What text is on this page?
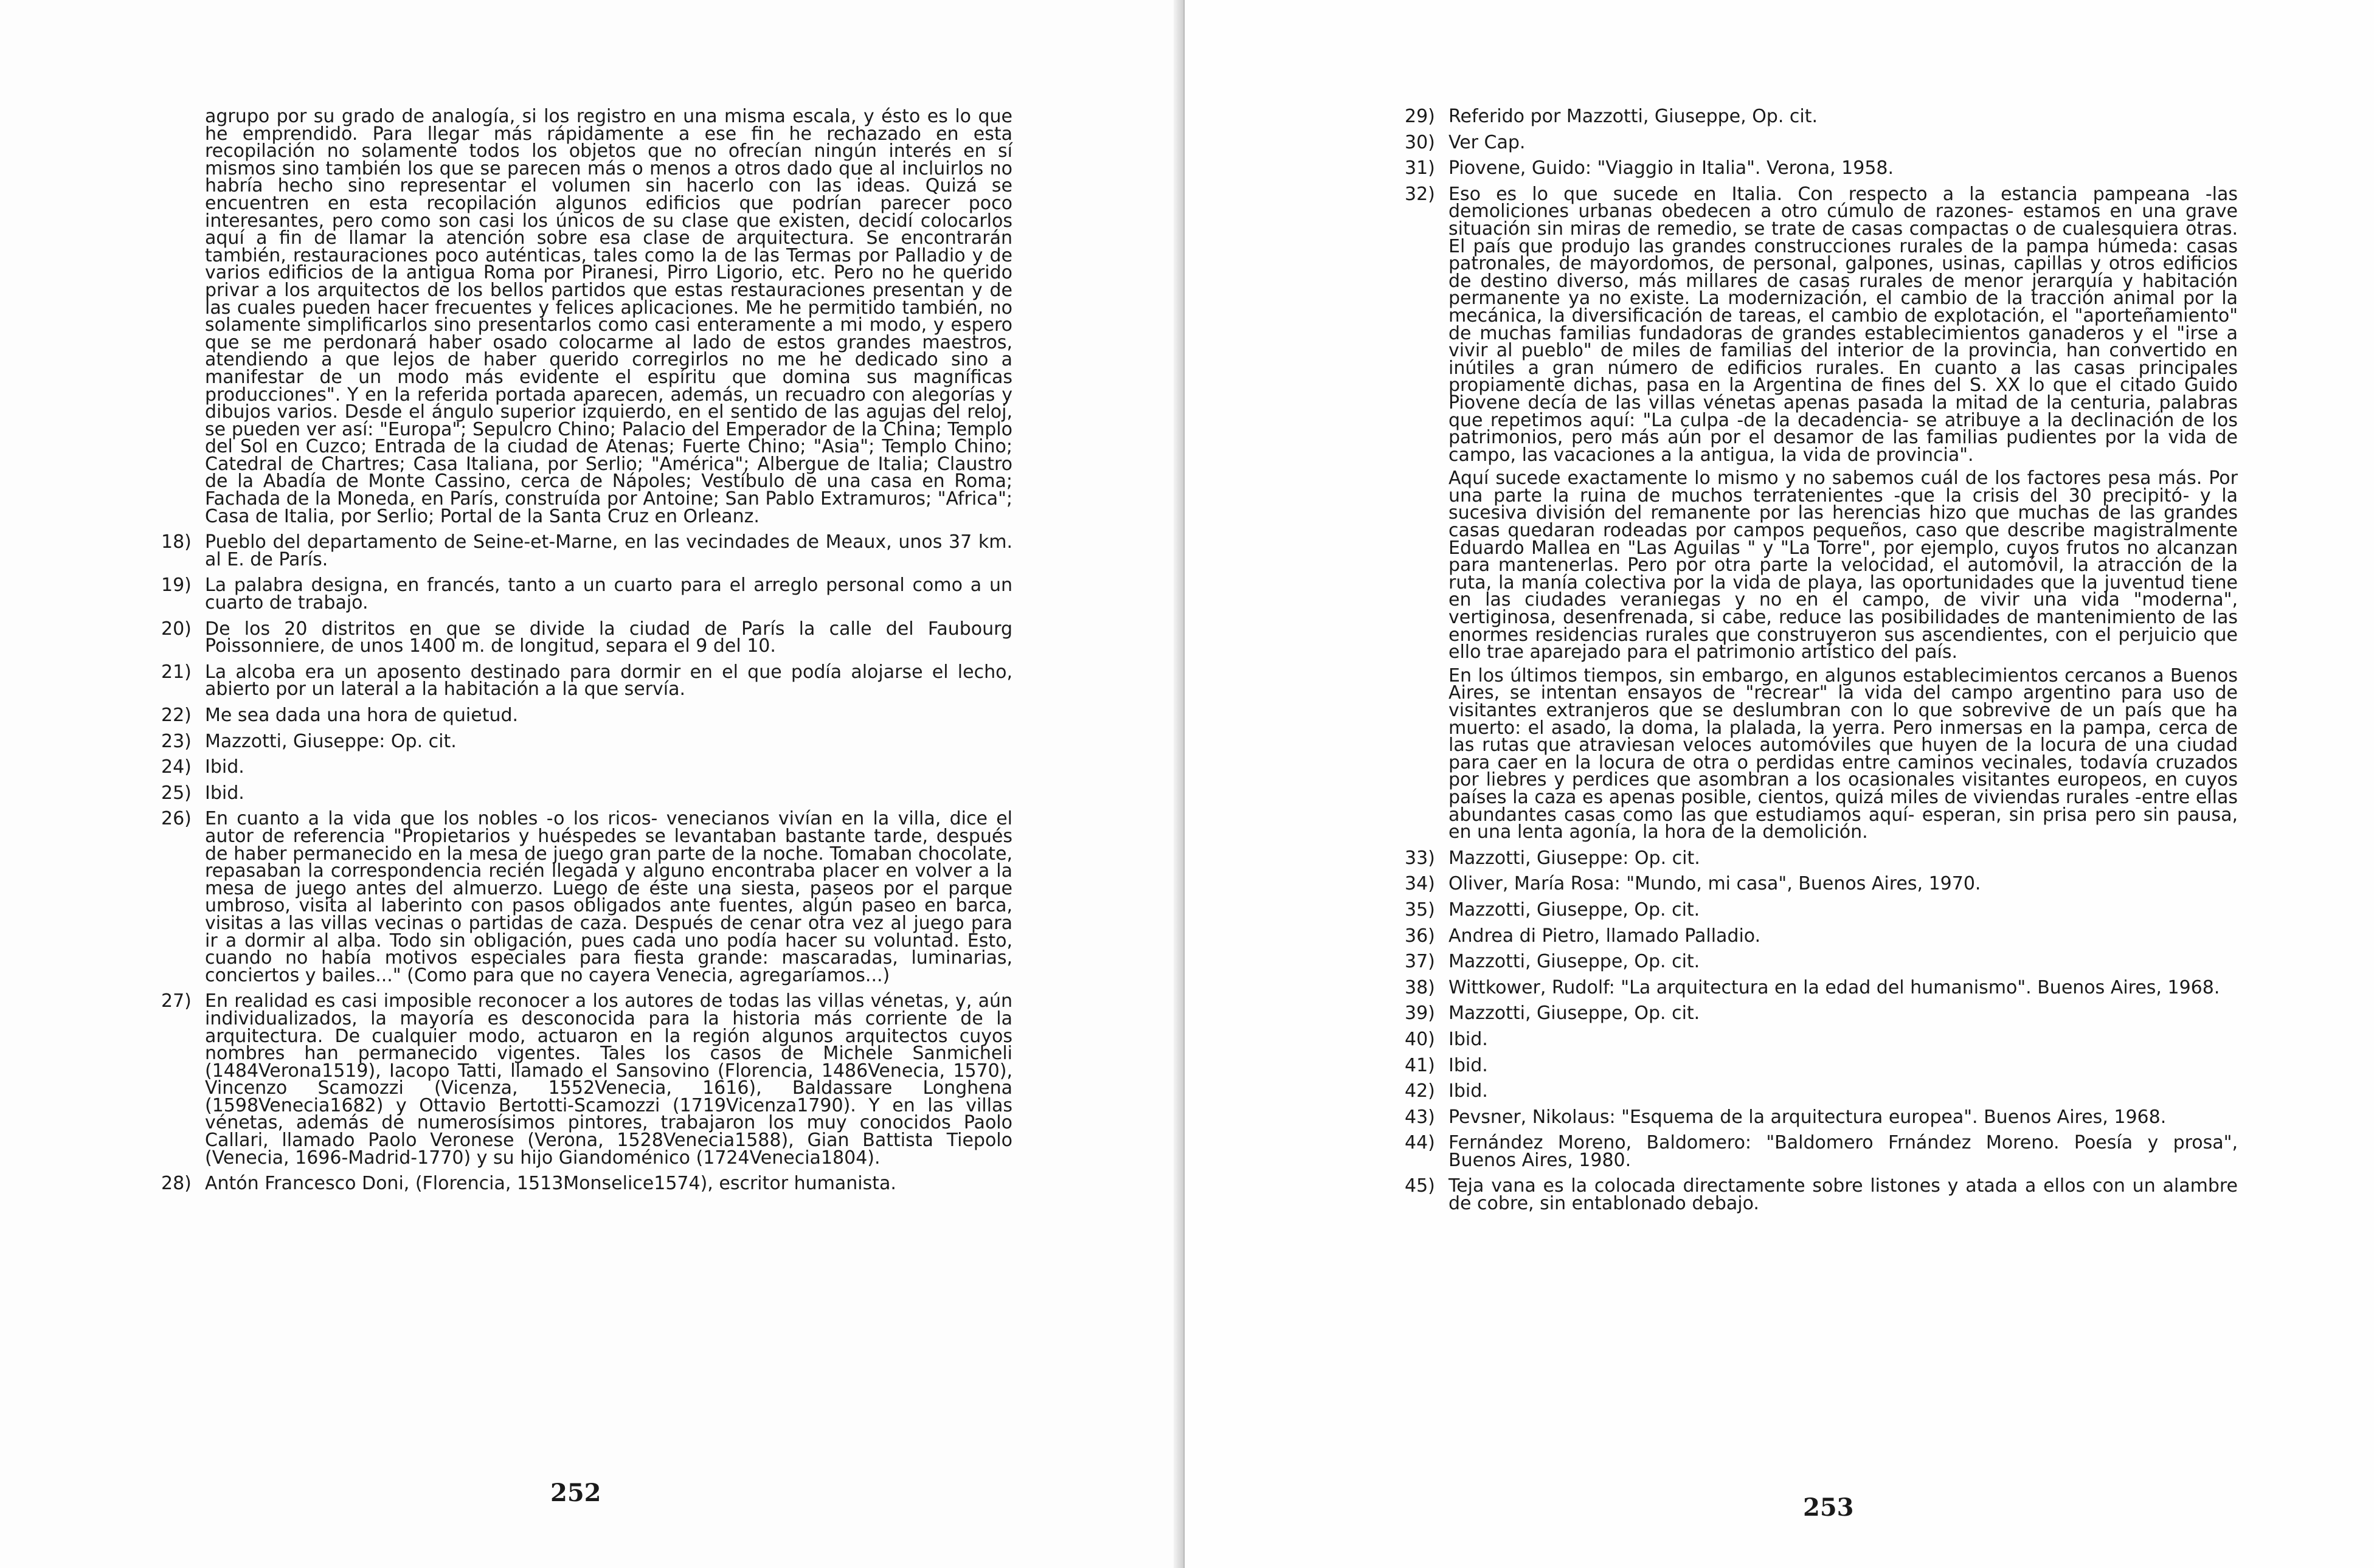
agrupo por su grado de analogía, si los registro en una misma escala, y ésto es lo que he emprendido. Para llegar más rápidamente a ese fin he rechazado en esta recopilación no solamente todos los objetos que no ofrecían ningún interés en sí mismos sino también los que se parecen más o menos a otros dado que al incluirlos no habría hecho sino representar el volumen sin hacerlo con las ideas. Quizá se encuentren en esta recopilación algunos edificios que podrían parecer poco interesantes, pero como son casi los únicos de su clase que existen, decidí colocarlos aquí a fin de llamar la atención sobre esa clase de arquitectura. Se encontrarán también, restauraciones poco auténticas, tales como la de las Termas por Palladio y de varios edificios de la antigua Roma por Piranesi, Pirro Ligorio, etc. Pero no he querido privar a los arquitectos de los bellos partidos que estas restauraciones presentan y de las cuales pueden hacer frecuentes y felices aplicaciones. Me he permitido también, no solamente simplificarlos sino presentarlos como casi enteramente a mi modo, y espero que se me perdonará haber osado colocarme al lado de estos grandes maestros, atendiendo a que lejos de haber querido corregirlos no me he dedicado sino a manifestar de un modo más evidente el espíritu que domina sus magníficas producciones". Y en la referida portada aparecen, además, un recuadro con alegorías y dibujos varios. Desde el ángulo superior izquierdo, en el sentido de las agujas del reloj, se pueden ver así: "Europa"; Sepulcro Chino; Palacio del Emperador de la China; Templo del Sol en Cuzco; Entrada de la ciudad de Atenas; Fuerte Chino; "Asia"; Templo Chino; Catedral de Chartres; Casa Italiana, por Serlio; "América"; Albergue de Italia; Claustro de la Abadía de Monte Cassino, cerca de Nápoles; Vestíbulo de una casa en Roma; Fachada de la Moneda, en París, construída por Antoine; San Pablo Extramuros; "Africa"; Casa de Italia, por Serlio; Portal de la Santa Cruz en Orleanz.

18) Pueblo del departamento de Seine-et-Marne, en las vecindades de Meaux, unos 37 km. al E. de París.
19) La palabra designa, en francés, tanto a un cuarto para el arreglo personal como a un cuarto de trabajo.
20) De los 20 distritos en que se divide la ciudad de París la calle del Faubourg Poissonniere, de unos 1400 m. de longitud, separa el 9 del 10.
21) La alcoba era un aposento destinado para dormir en el que podía alojarse el lecho, abierto por un lateral a la habitación a la que servía.
22) Me sea dada una hora de quietud.
23) Mazzotti, Giuseppe: Op. cit.
24) Ibid.
25) Ibid.
26) En cuanto a la vida que los nobles -o los ricos- venecianos vivían en la villa, dice el autor de referencia "Propietarios y huéspedes se levantaban bastante tarde, después de haber permanecido en la mesa de juego gran parte de la noche. Tomaban chocolate, repasaban la correspondencia recién llegada y alguno encontraba placer en volver a la mesa de juego antes del almuerzo. Luego de éste una siesta, paseos por el parque umbroso, visita al laberinto con pasos obligados ante fuentes, algún paseo en barca, visitas a las villas vecinas o partidas de caza. Después de cenar otra vez al juego para ir a dormir al alba. Todo sin obligación, pues cada uno podía hacer su voluntad. Esto, cuando no había motivos especiales para fiesta grande: mascaradas, luminarias, conciertos y bailes..." (Como para que no cayera Venecia, agregaríamos...)
27) En realidad es casi imposible reconocer a los autores de todas las villas vénetas, y, aún individualizados, la mayoría es desconocida para la historia más corriente de la arquitectura. De cualquier modo, actuaron en la región algunos arquitectos cuyos nombres han permanecido vigentes. Tales los casos de Michele Sanmicheli (1484Verona1519), Iacopo Tatti, llamado el Sansovino (Florencia, 1486Venecia, 1570), Vincenzo Scamozzi (Vicenza, 1552Venecia, 1616), Baldassare Longhena (1598Venecia1682) y Ottavio Bertotti-Scamozzi (1719Vicenza1790). Y en las villas vénetas, además de numerosísimos pintores, trabajaron los muy conocidos Paolo Callari, llamado Paolo Veronese (Verona, 1528Venecia1588), Gian Battista Tiepolo (Venecia, 1696-Madrid-1770) y su hijo Giandoménico (1724Venecia1804).
28) Antón Francesco Doni, (Florencia, 1513Monselice1574), escritor humanista.
252
29) Referido por Mazzotti, Giuseppe, Op. cit.
30) Ver Cap.
31) Piovene, Guido: "Viaggio in Italia". Verona, 1958.
32) Eso es lo que sucede en Italia. Con respecto a la estancia pampeana -las demoliciones urbanas obedecen a otro cúmulo de razones- estamos en una grave situación sin miras de remedio, se trate de casas compactas o de cualesquiera otras. El país que produjo las grandes construcciones rurales de la pampa húmeda: casas patronales, de mayordomos, de personal, galpones, usinas, capillas y otros edificios de destino diverso, más millares de casas rurales de menor jerarquía y habitación permanente ya no existe. La modernización, el cambio de la tracción animal por la mecánica, la diversificación de tareas, el cambio de explotación, el "aporteñamiento" de muchas familias fundadoras de grandes establecimientos ganaderos y el "irse a vivir al pueblo" de miles de familias del interior de la provincia, han convertido en inútiles a gran número de edificios rurales. En cuanto a las casas principales propiamente dichas, pasa en la Argentina de fines del S. XX lo que el citado Guido Piovene decía de las villas vénetas apenas pasada la mitad de la centuria, palabras que repetimos aquí: "La culpa -de la decadencia- se atribuye a la declinación de los patrimonios, pero más aún por el desamor de las familias pudientes por la vida de campo, las vacaciones a la antigua, la vida de provincia".

Aquí sucede exactamente lo mismo y no sabemos cuál de los factores pesa más. Por una parte la ruina de muchos terratenientes -que la crisis del 30 precipitó- y la sucesiva división del remanente por las herencias hizo que muchas de las grandes casas quedaran rodeadas por campos pequeños, caso que describe magistralmente Eduardo Mallea en "Las Aguilas " y "La Torre", por ejemplo, cuyos frutos no alcanzan para mantenerlas. Pero por otra parte la velocidad, el automóvil, la atracción de la ruta, la manía colectiva por la vida de playa, las oportunidades que la juventud tiene en las ciudades veraniegas y no en el campo, de vivir una vida "moderna", vertiginosa, desenfrenada, si cabe, reduce las posibilidades de mantenimiento de las enormes residencias rurales que construyeron sus ascendientes, con el perjuicio que ello trae aparejado para el patrimonio artístico del país.

En los últimos tiempos, sin embargo, en algunos establecimientos cercanos a Buenos Aires, se intentan ensayos de "recrear" la vida del campo argentino para uso de visitantes extranjeros que se deslumbran con lo que sobrevive de un país que ha muerto: el asado, la doma, la plalada, la yerra. Pero inmersas en la pampa, cerca de las rutas que atraviesan veloces automóviles que huyen de la locura de una ciudad para caer en la locura de otra o perdidas entre caminos vecinales, todavía cruzados por liebres y perdices que asombran a los ocasionales visitantes europeos, en cuyos países la caza es apenas posible, cientos, quizá miles de viviendas rurales -entre ellas abundantes casas como las que estudiamos aquí- esperan, sin prisa pero sin pausa, en una lenta agonía, la hora de la demolición.

33) Mazzotti, Giuseppe: Op. cit.
34) Oliver, María Rosa: "Mundo, mi casa", Buenos Aires, 1970.
35) Mazzotti, Giuseppe, Op. cit.
36) Andrea di Pietro, llamado Palladio.
37) Mazzotti, Giuseppe, Op. cit.
38) Wittkower, Rudolf: "La arquitectura en la edad del humanismo". Buenos Aires, 1968.
39) Mazzotti, Giuseppe, Op. cit.
40) Ibid.
41) Ibid.
42) Ibid.
43) Pevsner, Nikolaus: "Esquema de la arquitectura europea". Buenos Aires, 1968.
44) Fernández Moreno, Baldomero: "Baldomero Frnández Moreno. Poesía y prosa", Buenos Aires, 1980.
45) Teja vana es la colocada directamente sobre listones y atada a ellos con un alambre de cobre, sin entablonado debajo.
253
